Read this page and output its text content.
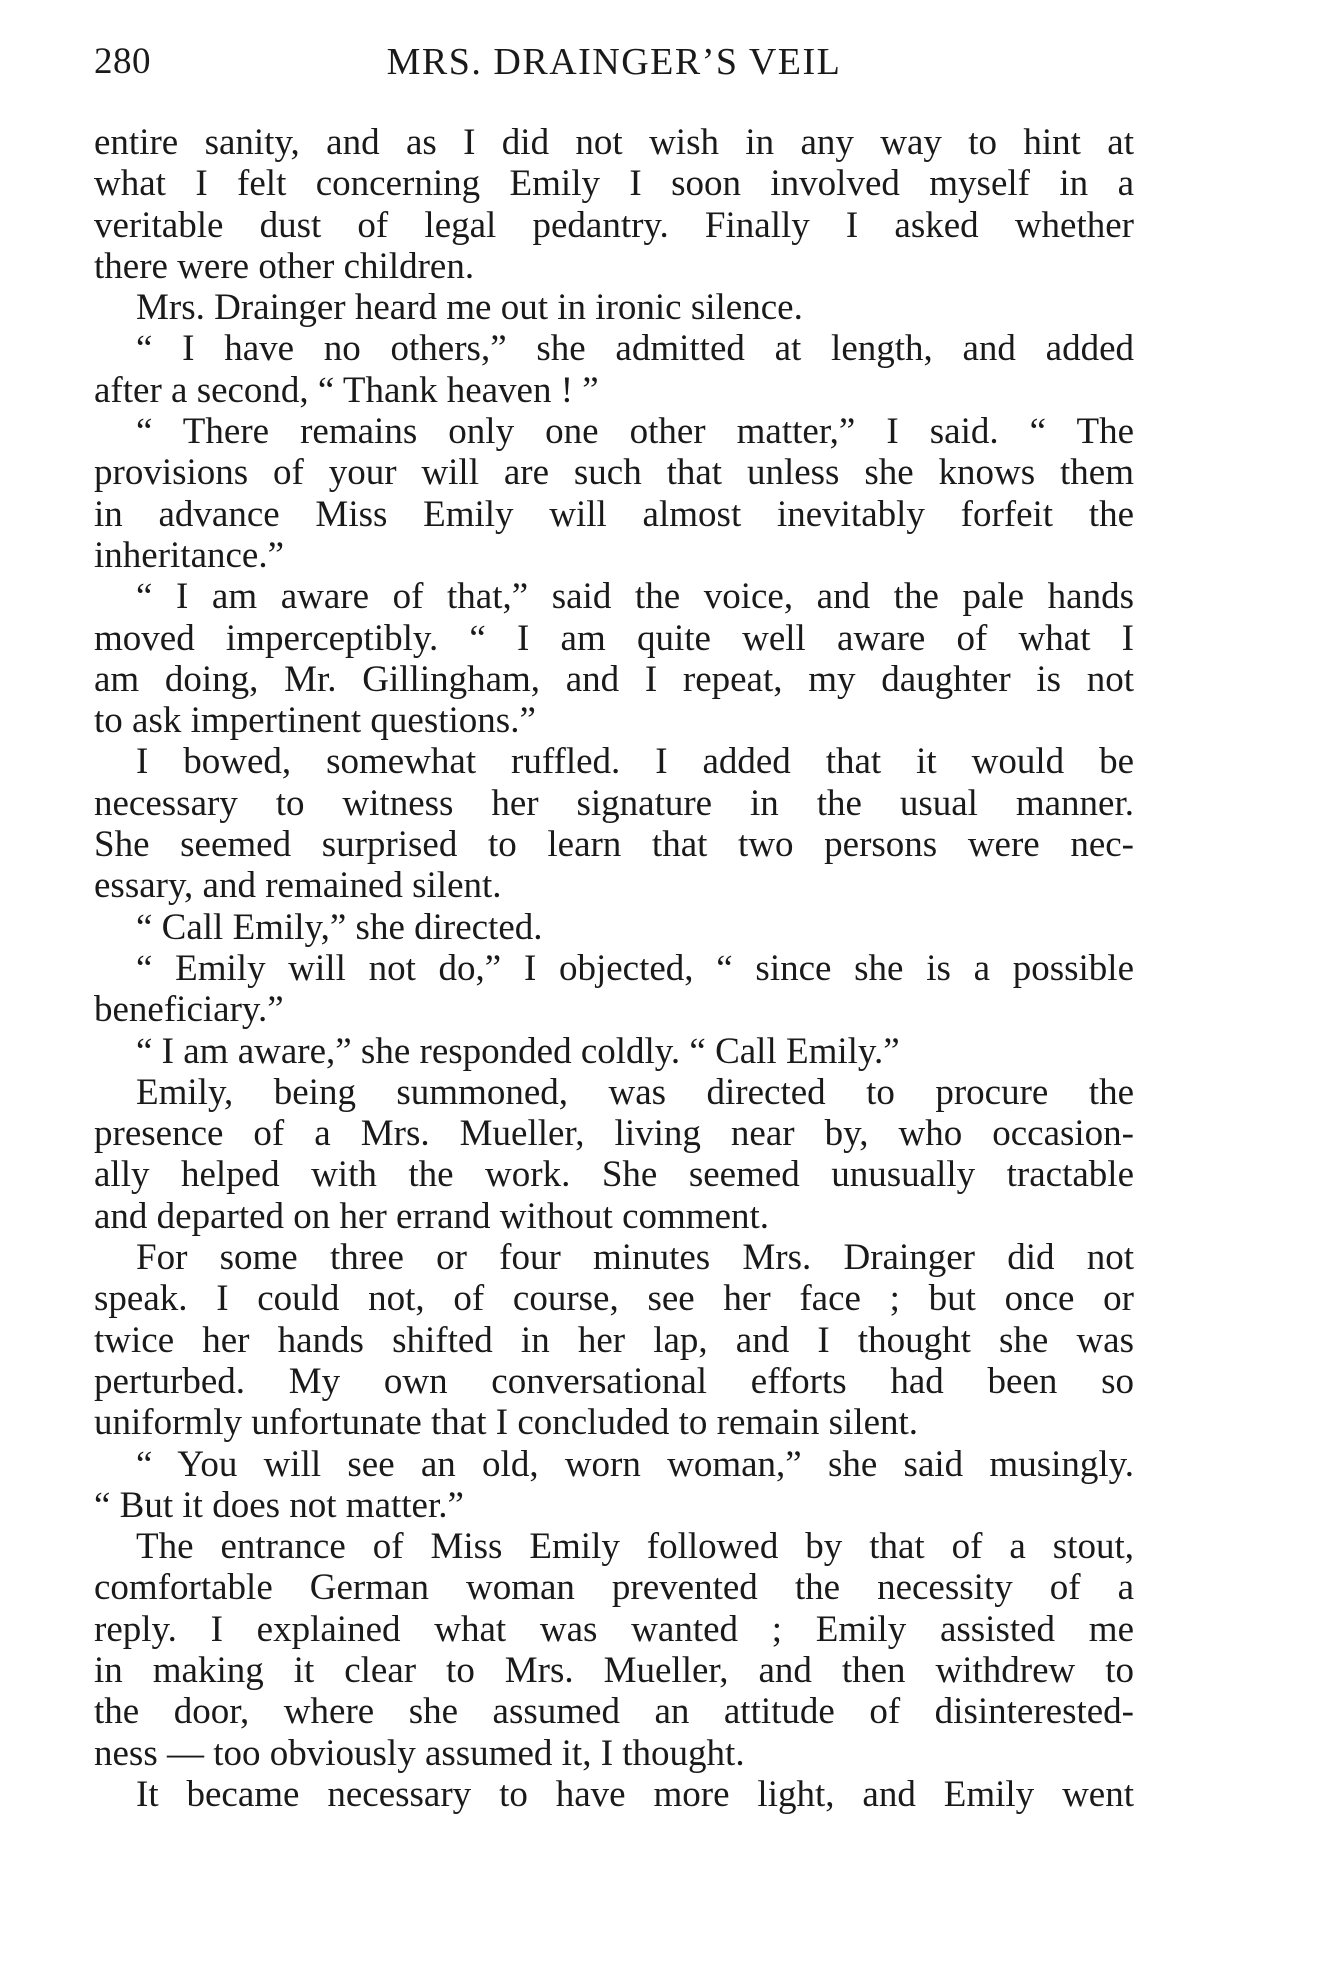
280	MRS. DRAINGER’S VEIL
entire sanity, and as I did not wish in any way to hint at
what I felt concerning Emily I soon involved myself in a
veritable dust of legal pedantry. Finally I asked whether
there were other children.
Mrs. Drainger heard me out in ironic silence.
“ I have no others,” she admitted at length, and added
after a second, “ Thank heaven ! ”
“ There remains only one other matter,” I said. “ The
provisions of your will are such that unless she knows them
in advance Miss Emily will almost inevitably forfeit the
inheritance.”
“ I am aware of that,” said the voice, and the pale hands
moved imperceptibly. “ I am quite well aware of what I
am doing, Mr. Gillingham, and I repeat, my daughter is not
to ask impertinent questions.”
I bowed, somewhat ruffled. I added that it would be
necessary to witness her signature in the usual manner.
She seemed surprised to learn that two persons were nec-
essary, and remained silent.
“ Call Emily,” she directed.
“ Emily will not do,” I objected, “ since she is a possible
beneficiary.”
“ I am aware,” she responded coldly. “ Call Emily.”
Emily, being summoned, was directed to procure the
presence of a Mrs. Mueller, living near by, who occasion-
ally helped with the work. She seemed unusually tractable
and departed on her errand without comment.
For some three or four minutes Mrs. Drainger did not
speak. I could not, of course, see her face ; but once or
twice her hands shifted in her lap, and I thought she was
perturbed. My own conversational efforts had been so
uniformly unfortunate that I concluded to remain silent.
“ You will see an old, worn woman,” she said musingly.
“ But it does not matter.”
The entrance of Miss Emily followed by that of a stout,
comfortable German woman prevented the necessity of a
reply. I explained what was wanted ; Emily assisted me
in making it clear to Mrs. Mueller, and then withdrew to
the door, where she assumed an attitude of disinterested-
ness — too obviously assumed it, I thought.
It became necessary to have more light, and Emily went
